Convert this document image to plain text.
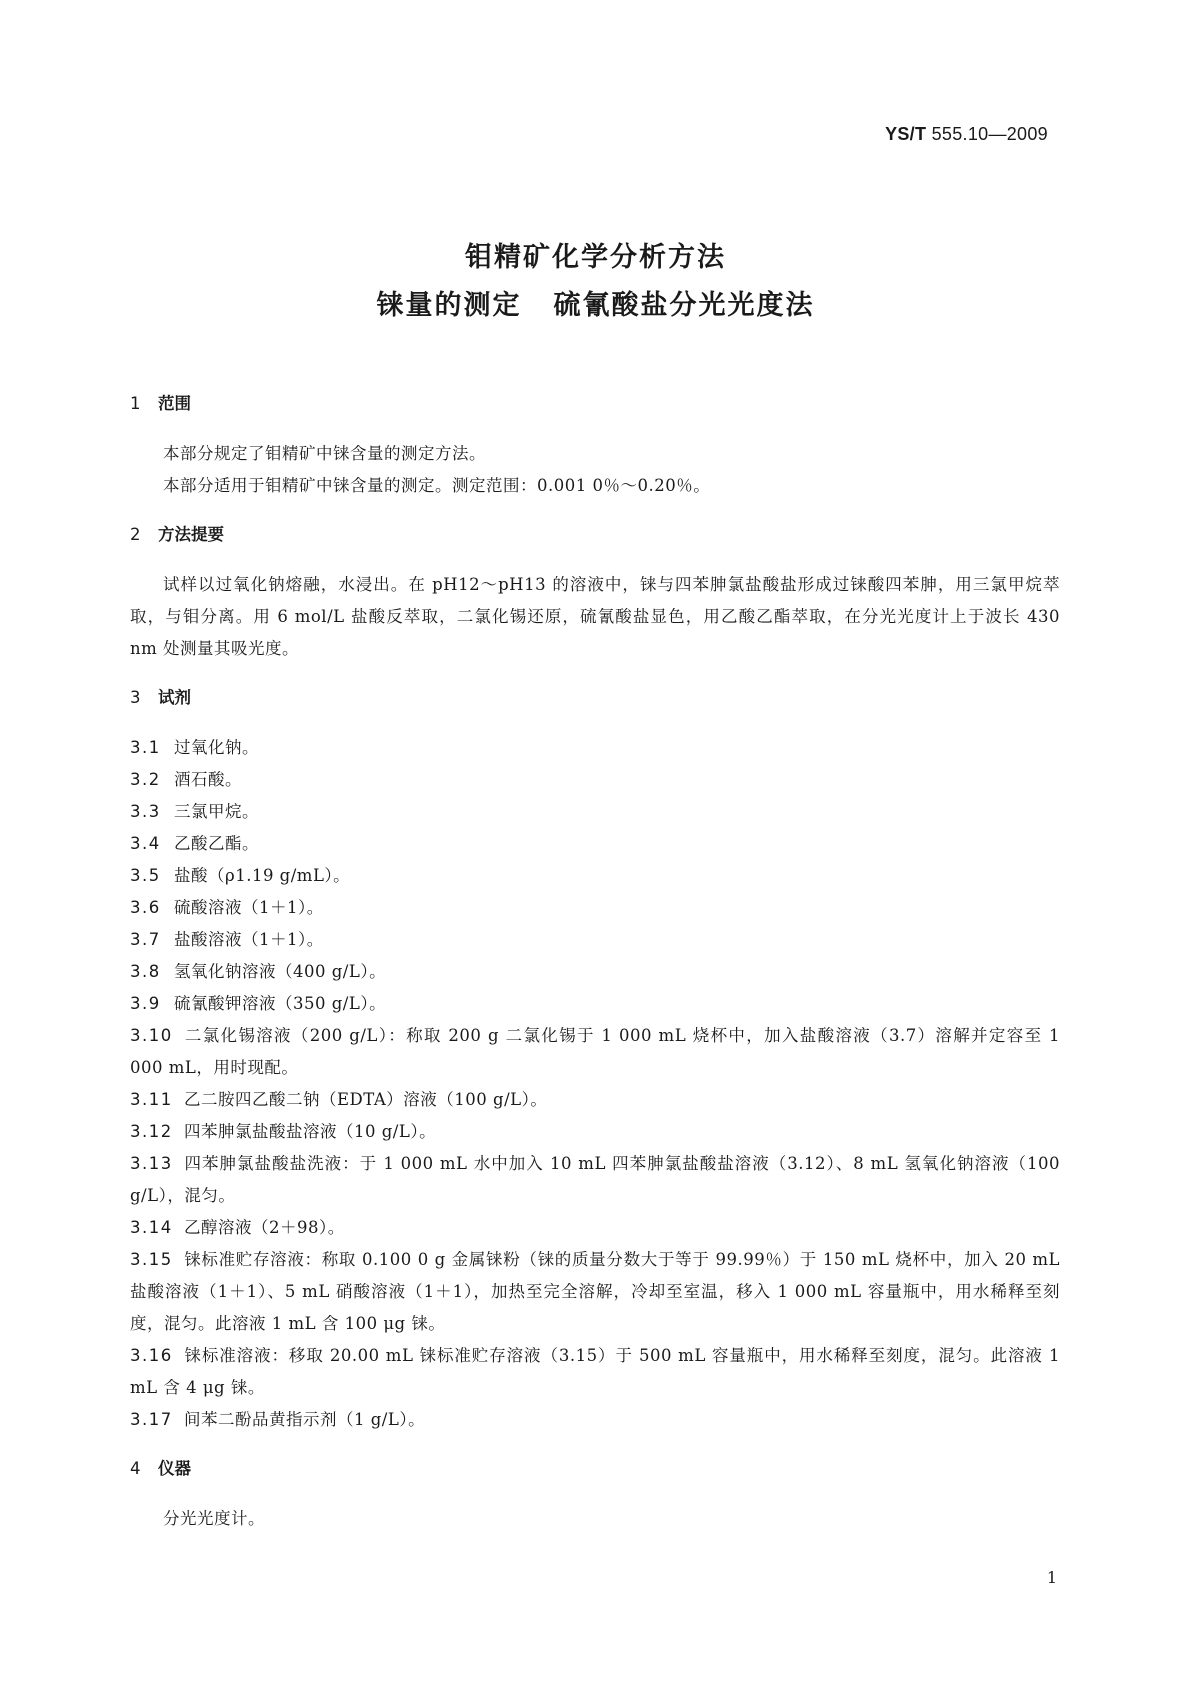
YS/T 555.10—2009
钼精矿化学分析方法
铼量的测定 硫氰酸盐分光光度法
1 范围

本部分规定了钼精矿中铼含量的测定方法。

本部分适用于钼精矿中铼含量的测定。测定范围：0.001 0％～0.20％。

2 方法提要

试样以过氧化钠熔融，水浸出。在 pH12～pH13 的溶液中，铼与四苯胂氯盐酸盐形成过铼酸四苯胂，用三氯甲烷萃取，与钼分离。用 6 mol/L 盐酸反萃取，二氯化锡还原，硫氰酸盐显色，用乙酸乙酯萃取，在分光光度计上于波长 430 nm 处测量其吸光度。

3 试剂

3.1 过氧化钠。

3.2 酒石酸。

3.3 三氯甲烷。

3.4 乙酸乙酯。

3.5 盐酸（ρ1.19 g/mL）。

3.6 硫酸溶液（1＋1）。

3.7 盐酸溶液（1＋1）。

3.8 氢氧化钠溶液（400 g/L）。

3.9 硫氰酸钾溶液（350 g/L）。

3.10 二氯化锡溶液（200 g/L）：称取 200 g 二氯化锡于 1 000 mL 烧杯中，加入盐酸溶液（3.7）溶解并定容至 1 000 mL，用时现配。

3.11 乙二胺四乙酸二钠（EDTA）溶液（100 g/L）。

3.12 四苯胂氯盐酸盐溶液（10 g/L）。

3.13 四苯胂氯盐酸盐洗液：于 1 000 mL 水中加入 10 mL 四苯胂氯盐酸盐溶液（3.12）、8 mL 氢氧化钠溶液（100 g/L），混匀。

3.14 乙醇溶液（2＋98）。

3.15 铼标准贮存溶液：称取 0.100 0 g 金属铼粉（铼的质量分数大于等于 99.99％）于 150 mL 烧杯中，加入 20 mL 盐酸溶液（1＋1）、5 mL 硝酸溶液（1＋1），加热至完全溶解，冷却至室温，移入 1 000 mL 容量瓶中，用水稀释至刻度，混匀。此溶液 1 mL 含 100 μg 铼。

3.16 铼标准溶液：移取 20.00 mL 铼标准贮存溶液（3.15）于 500 mL 容量瓶中，用水稀释至刻度，混匀。此溶液 1 mL 含 4 μg 铼。

3.17 间苯二酚品黄指示剂（1 g/L）。

4 仪器

分光光度计。

1
